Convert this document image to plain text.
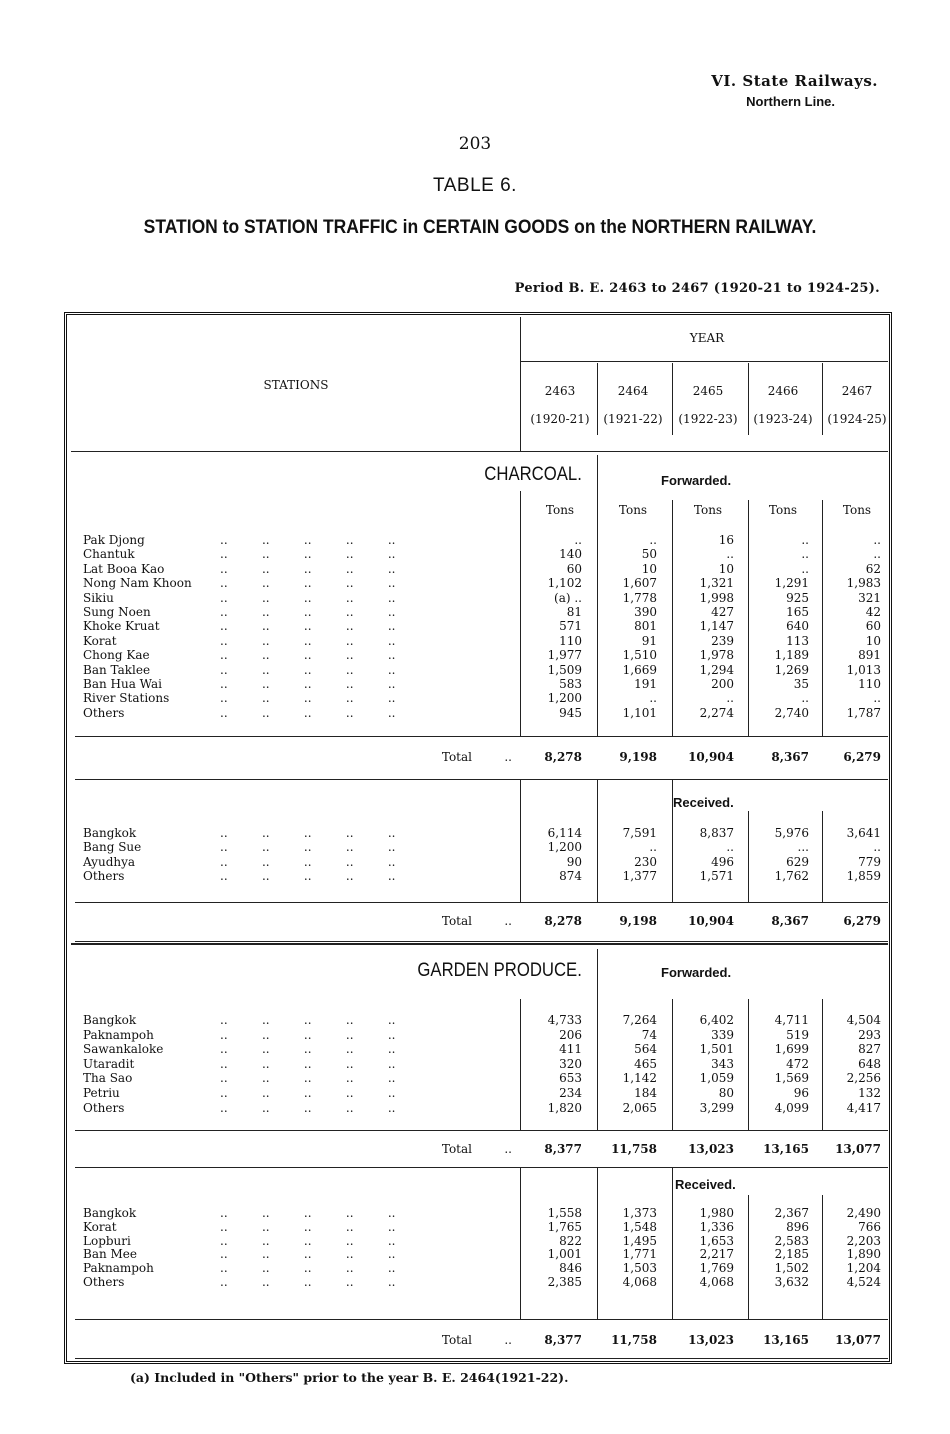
VI. State Railways.
Northern Line.
203
TABLE 6.
STATION to STATION TRAFFIC in CERTAIN GOODS on the NORTHERN RAILWAY.
Period B. E. 2463 to 2467 (1920-21 to 1924-25).
YEAR
STATIONS	2463
(1920-21)
2464
(1921-22)
2465
(1922-23)
2466
(1923-24)
2467
(1924-25)
CHARCOAL.	Forwarded.
Tons	Tons	Tons	Tons	Tons
Pak Djong	..         ..         ..         ..         ..	..	..	16	..	..
Chantuk	..         ..         ..         ..         ..	140	50	..	..	..
Lat Booa Kao	..         ..         ..         ..         ..	60	10	10	..	62
Nong Nam Khoon ..         ..         ..         ..         ..	1,102	1,607	1,321	1,291	1,983
Sikiu	..         ..         ..         ..         ..	(a) ..	1,778	1,998	925	321
Sung Noen	..         ..         ..         ..         ..	81	390	427	165	42
Khoke Kruat	..         ..         ..         ..         ..	571	801	1,147	640	60
Korat	..         ..         ..         ..         ..	110	91	239	113	10
Chong Kae	..         ..         ..         ..         ..	1,977	1,510	1,978	1,189	891
Ban Taklee	..         ..         ..         ..         ..	1,509	1,669	1,294	1,269	1,013
Ban Hua Wai	..         ..         ..         ..         ..	583	191	200	35	110
River Stations	..         ..         ..         ..         ..	1,200	..	..	..	..
Others	..         ..         ..         ..         ..	945	1,101	2,274	2,740	1,787
Total	..	8,278	9,198	10,904	8,367	6,279
Received.
Bangkok	..         ..         ..         ..         ..	6,114	7,591	8,837	5,976	3,641
Bang Sue	..         ..         ..         ..         ..	1,200	..	..	...	..
Ayudhya	..         ..         ..         ..         ..	90	230	496	629	779
Others	..         ..         ..         ..         ..	874	1,377	1,571	1,762	1,859
Total	..	8,278	9,198	10,904	8,367	6,279
GARDEN PRODUCE.	Forwarded.
Bangkok	..         ..         ..         ..         ..	4,733	7,264	6,402	4,711	4,504
Paknampoh	..         ..         ..         ..         ..	206	74	339	519	293
Sawankaloke	..         ..         ..         ..         ..	411	564	1,501	1,699	827
Utaradit	..         ..         ..         ..         ..	320	465	343	472	648
Tha Sao	..         ..         ..         ..         ..	653	1,142	1,059	1,569	2,256
Petriu	..         ..         ..         ..         ..	234	184	80	96	132
Others	..         ..         ..         ..         ..	1,820	2,065	3,299	4,099	4,417
Total	..	8,377 11,758	13,023 13,165 13,077
Received.
Bangkok	..         ..         ..         ..         ..	1,558	1,373	1,980	2,367	2,490
Korat	..         ..         ..         ..         ..	1,765	1,548	1,336	896	766
Lopburi	..         ..         ..         ..         ..	822	1,495	1,653	2,583	2,203
Ban Mee	..         ..         ..         ..         ..	1,001	1,771	2,217	2,185	1,890
Paknampoh	..         ..         ..         ..         ..	846	1,503	1,769	1,502	1,204
Others	..         ..         ..         ..         ..	2,385	4,068	4,068	3,632	4,524
Total	..	8,377 11,758	13,023 13,165 13,077
(a) Included in "Others" prior to the year B. E. 2464(1921-22).
